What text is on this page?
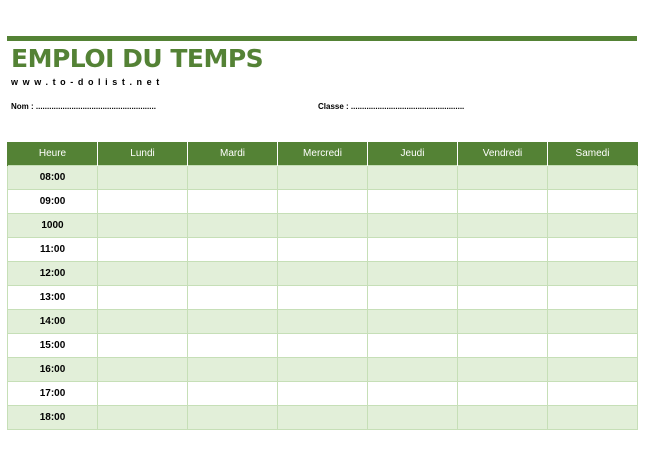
EMPLOI DU TEMPS
www.to-dolist.net
Nom : ......................................................	Classe : ...................................................
Heure	Lundi	Mardi	Mercredi	Jeudi	Vendredi	Samedi
08:00						
09:00						
1000						
11:00						
12:00						
13:00						
14:00						
15:00						
16:00						
17:00						
18:00						
